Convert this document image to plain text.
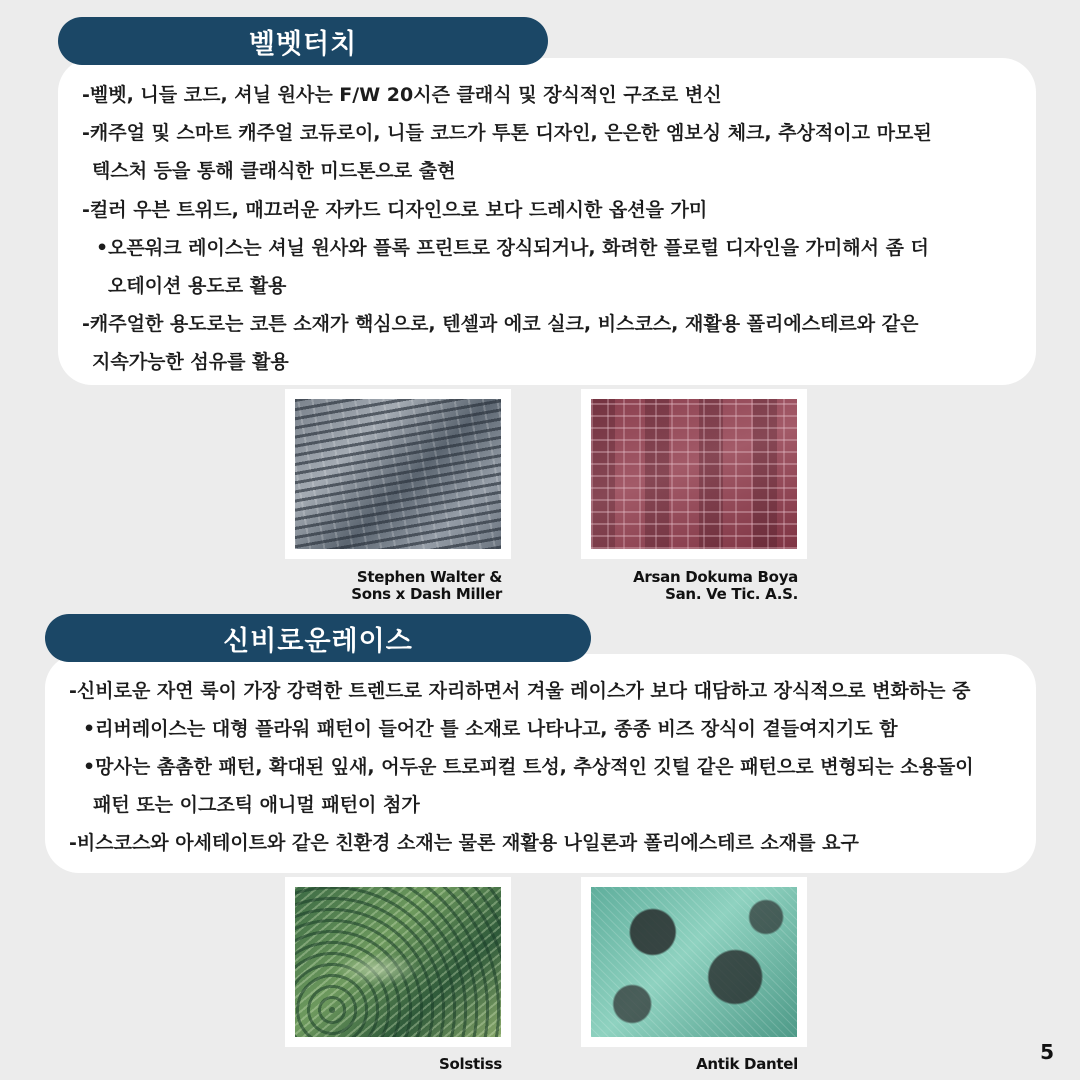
-벨벳, 니들 코드, 셔닐 원사는 F/W 20시즌 클래식 및 장식적인 구조로 변신
-캐주얼 및 스마트 캐주얼 코듀로이, 니들 코드가 투톤 디자인, 은은한 엠보싱 체크, 추상적이고 마모된
텍스처 등을 통해 클래식한 미드톤으로 출현
-컬러 우븐 트위드, 매끄러운 자카드 디자인으로 보다 드레시한 옵션을 가미
•오픈워크 레이스는 셔닐 원사와 플록 프린트로 장식되거나, 화려한 플로럴 디자인을 가미해서 좀 더
오테이션 용도로 활용
-캐주얼한 용도로는 코튼 소재가 핵심으로, 텐셀과 에코 실크, 비스코스, 재활용 폴리에스테르와 같은
지속가능한 섬유를 활용
벨벳터치
Stephen Walter &
Sons x Dash Miller
Arsan Dokuma Boya
San. Ve Tic. A.S.
-신비로운 자연 룩이 가장 강력한 트렌드로 자리하면서 겨울 레이스가 보다 대담하고 장식적으로 변화하는 중
•리버레이스는 대형 플라워 패턴이 들어간 틀 소재로 나타나고, 종종 비즈 장식이 곁들여지기도 함
•망사는 촘촘한 패턴, 확대된 잎새, 어두운 트로피컬 트성, 추상적인 깃털 같은 패턴으로 변형되는 소용돌이
패턴 또는 이그조틱 애니멀 패턴이 첨가
-비스코스와 아세테이트와 같은 친환경 소재는 물론 재활용 나일론과 폴리에스테르 소재를 요구
신비로운레이스
Solstiss	Antik Dantel	5
